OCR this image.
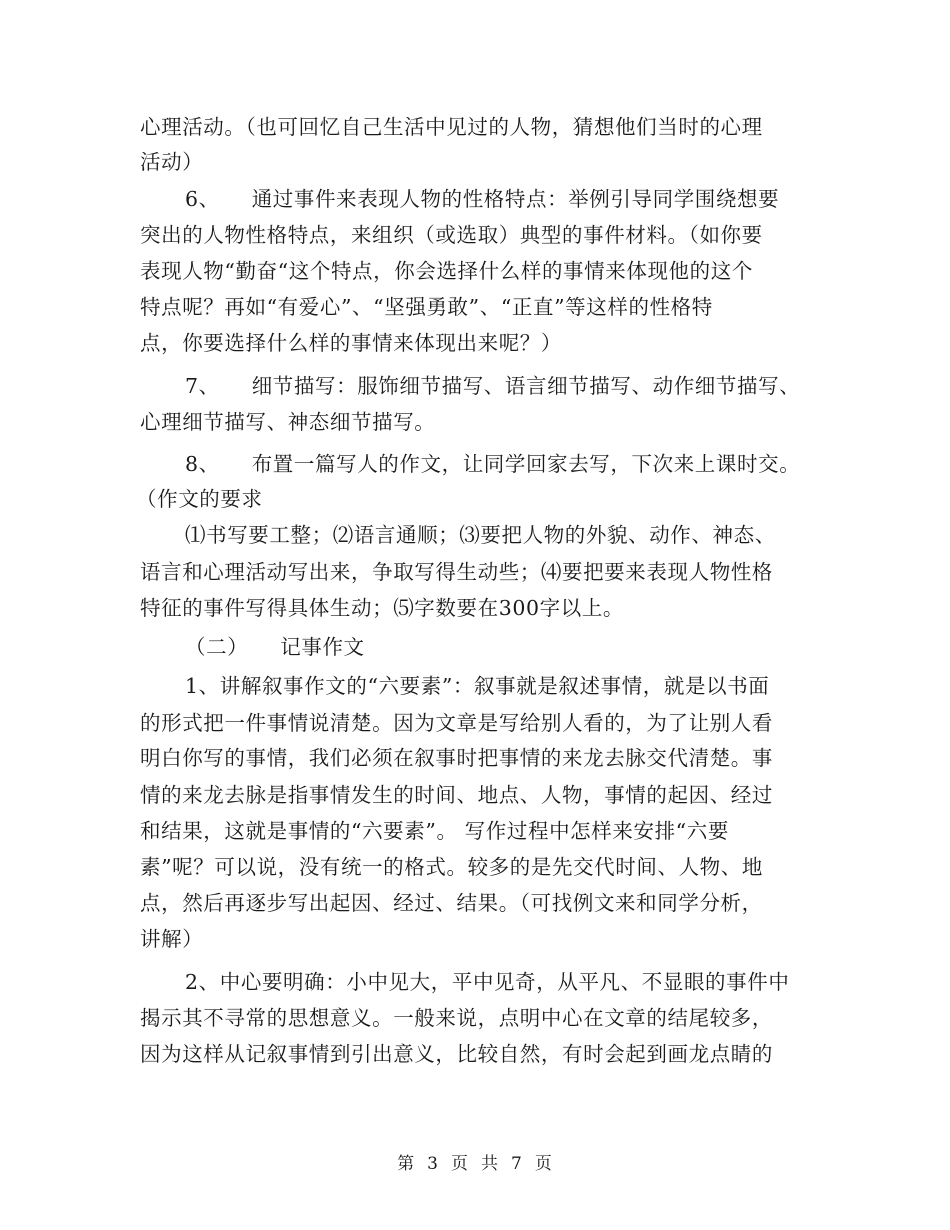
心理活动。（也可回忆自己生活中见过的人物，猜想他们当时的心理
活动）
6、　　通过事件来表现人物的性格特点：举例引导同学围绕想要
突出的人物性格特点，来组织（或选取）典型的事件材料。（如你要
表现人物“勤奋“这个特点，你会选择什么样的事情来体现他的这个
特点呢？再如“有爱心”、“坚强勇敢”、“正直”等这样的性格特
点，你要选择什么样的事情来体现出来呢？）
7、　　细节描写：服饰细节描写、语言细节描写、动作细节描写、
心理细节描写、神态细节描写。
8、　　布置一篇写人的作文，让同学回家去写，下次来上课时交。
（作文的要求
⑴书写要工整；⑵语言通顺；⑶要把人物的外貌、动作、神态、
语言和心理活动写出来，争取写得生动些；⑷要把要来表现人物性格
特征的事件写得具体生动；⑸字数要在300字以上。
（二）　　记事作文
1、讲解叙事作文的“六要素”：叙事就是叙述事情，就是以书面
的形式把一件事情说清楚。因为文章是写给别人看的，为了让别人看
明白你写的事情，我们必须在叙事时把事情的来龙去脉交代清楚。事
情的来龙去脉是指事情发生的时间、地点、人物，事情的起因、经过
和结果，这就是事情的“六要素”。 写作过程中怎样来安排“六要
素”呢？可以说，没有统一的格式。较多的是先交代时间、人物、地
点，然后再逐步写出起因、经过、结果。（可找例文来和同学分析，
讲解）
2、中心要明确：小中见大，平中见奇，从平凡、不显眼的事件中
揭示其不寻常的思想意义。一般来说，点明中心在文章的结尾较多，
因为这样从记叙事情到引出意义，比较自然，有时会起到画龙点睛的
第 3 页 共 7 页
